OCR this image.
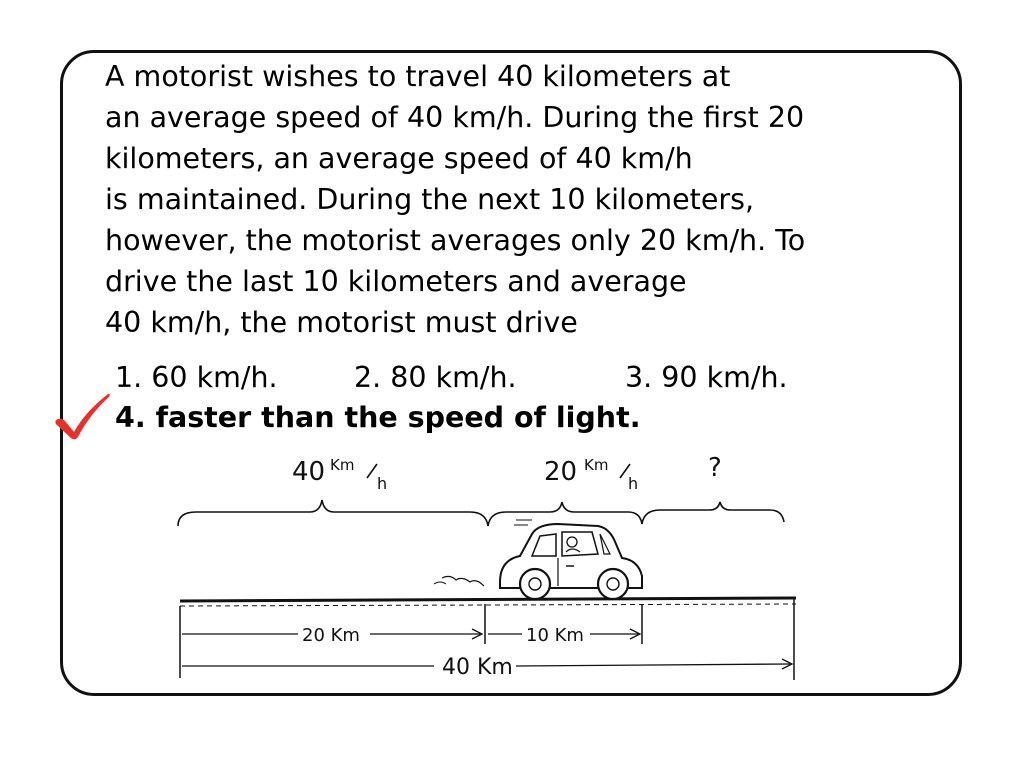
A motorist wishes to travel 40 kilometers at
an average speed of 40 km/h. During the first 20
kilometers, an average speed of 40 km/h
is maintained. During the next 10 kilometers,
however, the motorist averages only 20 km/h. To
drive the last 10 kilometers and average
40 km/h, the motorist must drive

1. 60 km/h.	2. 80 km/h.	3. 90 km/h.
4. faster than the speed of light.
40 Km
h	20 Km
h
?
20 Km	10 Km
40 Km
